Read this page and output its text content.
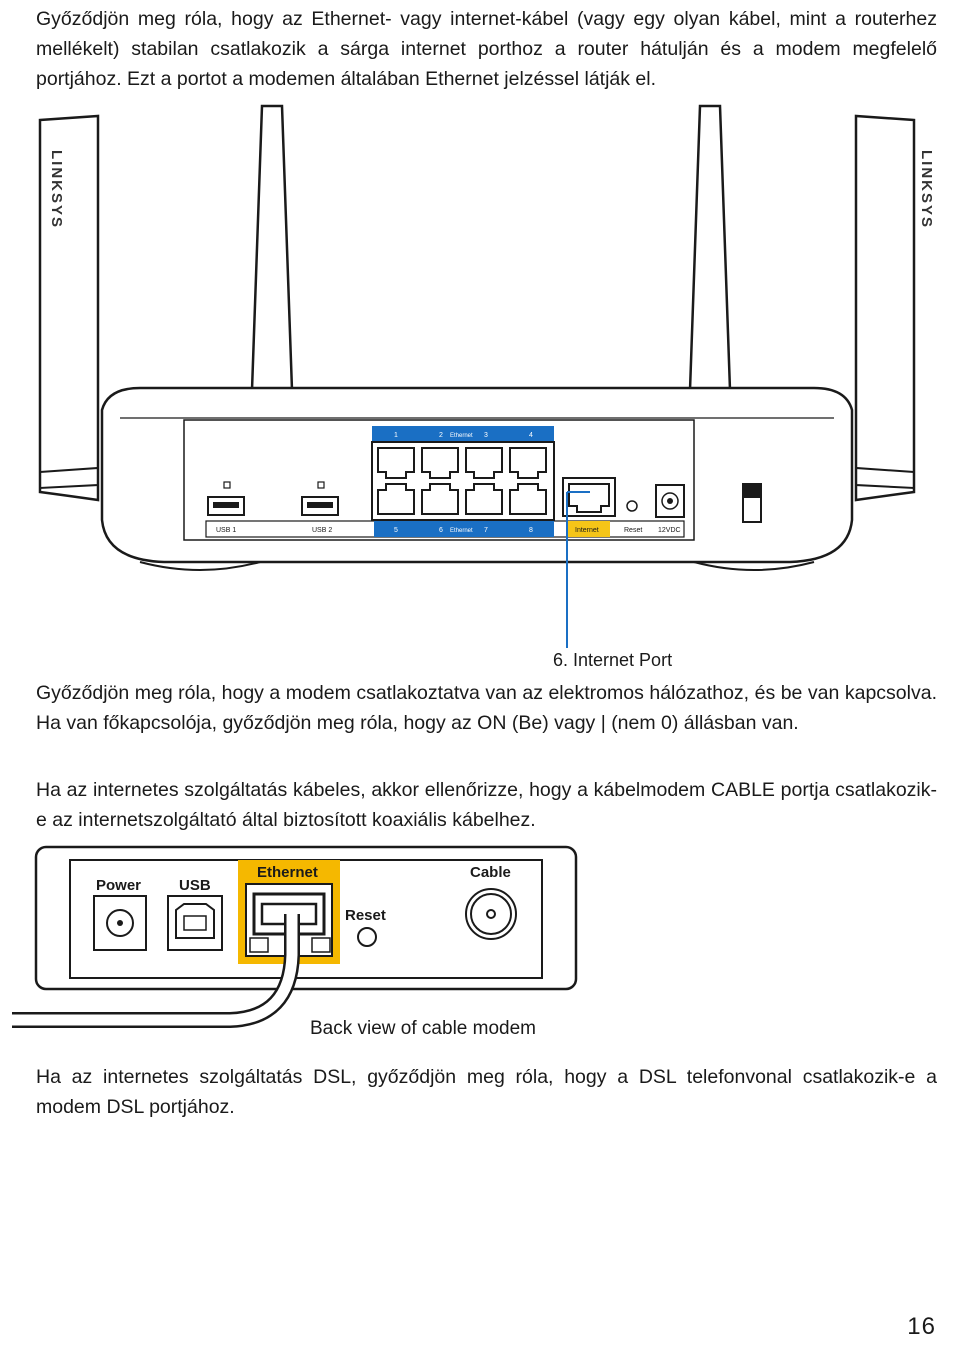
Győződjön meg róla, hogy az Ethernet- vagy internet-kábel (vagy egy olyan kábel, mint a routerhez mellékelt) stabilan csatlakozik a sárga internet porthoz a router hátulján és a modem megfelelő portjához. Ezt a portot a modemen általában Ethernet jelzéssel látják el.

LINKSYS	LINKSYS
USB 1	USB 2
1	2 Ethernet 3	4
5	6 Ethernet 7	8	Internet	Reset 12VDC
6. Internet Port

Győződjön meg róla, hogy a modem csatlakoztatva van az elektromos hálózathoz, és be van kapcsolva. Ha van főkapcsolója, győződjön meg róla, hogy az ON (Be) vagy | (nem 0) állásban van.

Ha az internetes szolgáltatás kábeles, akkor ellenőrizze, hogy a kábelmodem CABLE portja csatlakozik-e az internetszolgáltató által biztosított koaxiális kábelhez.

Power	USB
Ethernet
Reset
Cable
Back view of cable modem

Ha az internetes szolgáltatás DSL, győződjön meg róla, hogy a DSL telefonvonal csatlakozik-e a modem DSL portjához.

16
